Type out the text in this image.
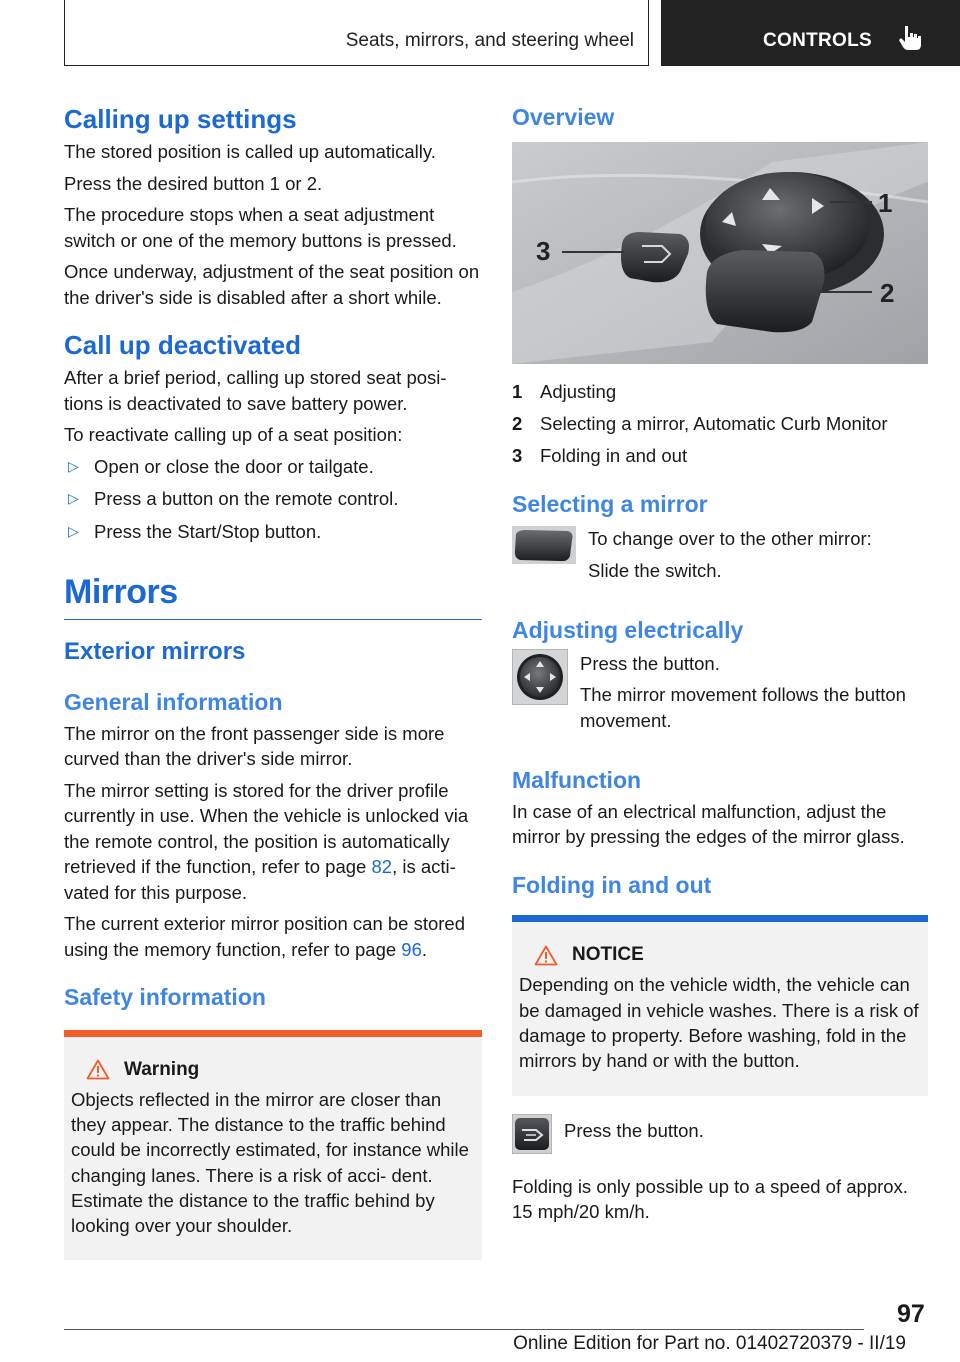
Seats, mirrors, and steering wheel	CONTROLS
Calling up settings

The stored position is called up automatically.

Press the desired button 1 or 2.

The procedure stops when a seat adjustment switch or one of the memory buttons is pressed.

Once underway, adjustment of the seat position on the driver's side is disabled after a short while.

Call up deactivated

After a brief period, calling up stored seat posi‐ tions is deactivated to save battery power.

To reactivate calling up of a seat position:

▷ Open or close the door or tailgate.
▷ Press a button on the remote control.
▷ Press the Start/Stop button.
Mirrors
Exterior mirrors
General information

The mirror on the front passenger side is more curved than the driver's side mirror.

The mirror setting is stored for the driver profile currently in use. When the vehicle is unlocked via the remote control, the position is automatically retrieved if the function, refer to page 82, is acti‐ vated for this purpose.

The current exterior mirror position can be stored using the memory function, refer to page 96.

Safety information
Warning

Objects reflected in the mirror are closer than they appear. The distance to the traffic behind could be incorrectly estimated, for instance while changing lanes. There is a risk of acci‐ dent. Estimate the distance to the traffic behind by looking over your shoulder.

Overview
3
1
2
1 Adjusting
2 Selecting a mirror, Automatic Curb Monitor
3 Folding in and out
Selecting a mirror

To change over to the other mirror:

Slide the switch.

Adjusting electrically

Press the button.

The mirror movement follows the button movement.

Malfunction

In case of an electrical malfunction, adjust the mirror by pressing the edges of the mirror glass.

Folding in and out
NOTICE

Depending on the vehicle width, the vehicle can be damaged in vehicle washes. There is a risk of damage to property. Before washing, fold in the mirrors by hand or with the button.

Press the button.

Folding is only possible up to a speed of approx. 15 mph/20 km/h.

97
Online Edition for Part no. 01402720379 - II/19
